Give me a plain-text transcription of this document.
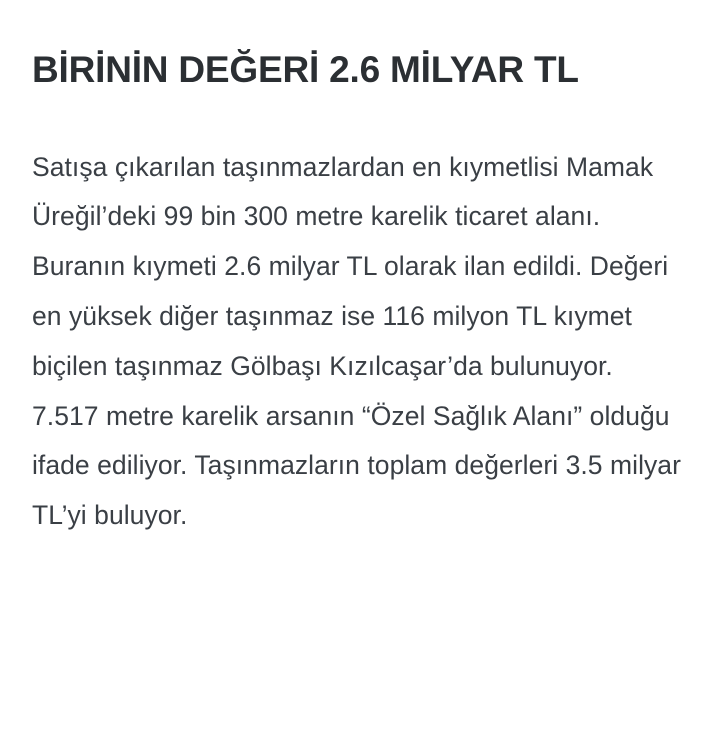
BİRİNİN DEĞERİ 2.6 MİLYAR TL

Satışa çıkarılan taşınmazlardan en kıymetlisi Mamak Üreğil’deki 99 bin 300 metre karelik ticaret alanı. Buranın kıymeti 2.6 milyar TL olarak ilan edildi. Değeri en yüksek diğer taşınmaz ise 116 milyon TL kıymet biçilen taşınmaz Gölbaşı Kızılcaşar’da bulunuyor. 7.517 metre karelik arsanın “Özel Sağlık Alanı” olduğu ifade ediliyor. Taşınmazların toplam değerleri 3.5 milyar TL’yi buluyor.
